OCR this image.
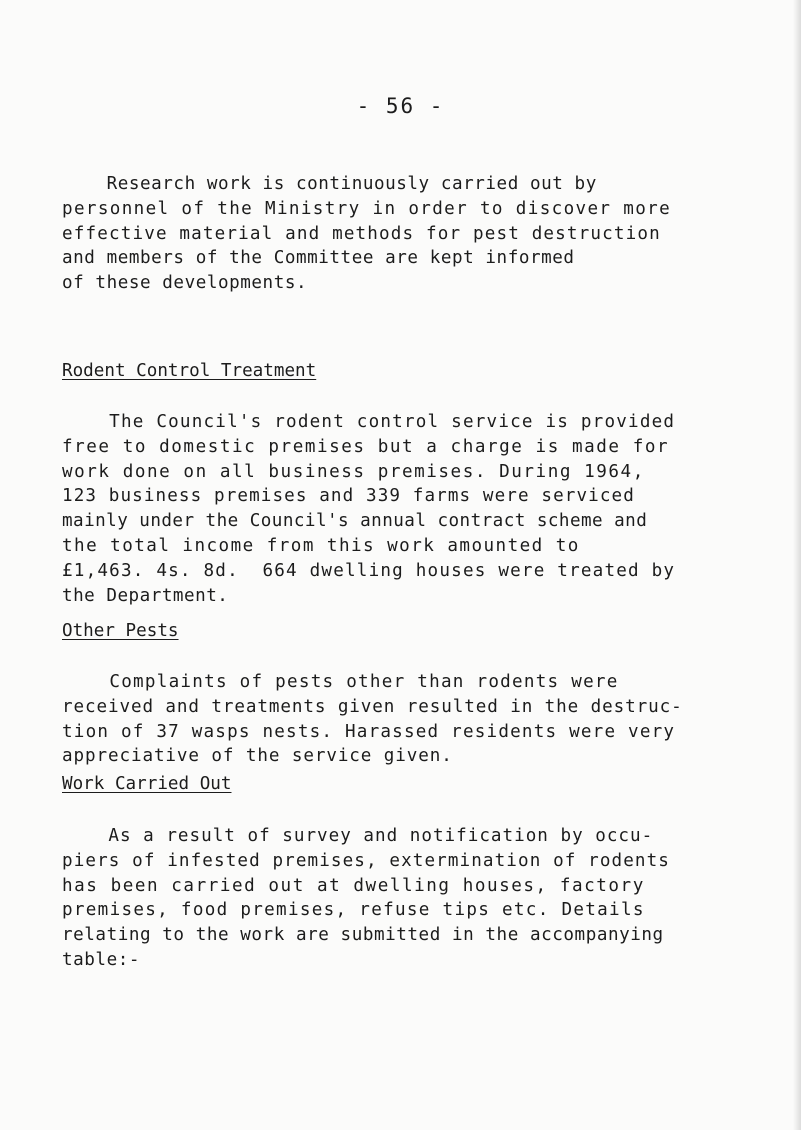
- 56 -
Research work is continuously carried out by
personnel of the Ministry in order to discover more
effective material and methods for pest destruction
and members of the Committee are kept informed
of these developments.
Rodent Control Treatment
The Council's rodent control service is provided
free to domestic premises but a charge is made for
work done on all business premises. During 1964,
123 business premises and 339 farms were serviced
mainly under the Council's annual contract scheme and
the total income from this work amounted to
£1,463. 4s. 8d.  664 dwelling houses were treated by
the Department.
Other Pests
Complaints of pests other than rodents were
received and treatments given resulted in the destruc-
tion of 37 wasps nests. Harassed residents were very
appreciative of the service given.
Work Carried Out
As a result of survey and notification by occu-
piers of infested premises, extermination of rodents
has been carried out at dwelling houses, factory
premises, food premises, refuse tips etc. Details
relating to the work are submitted in the accompanying
table:-
